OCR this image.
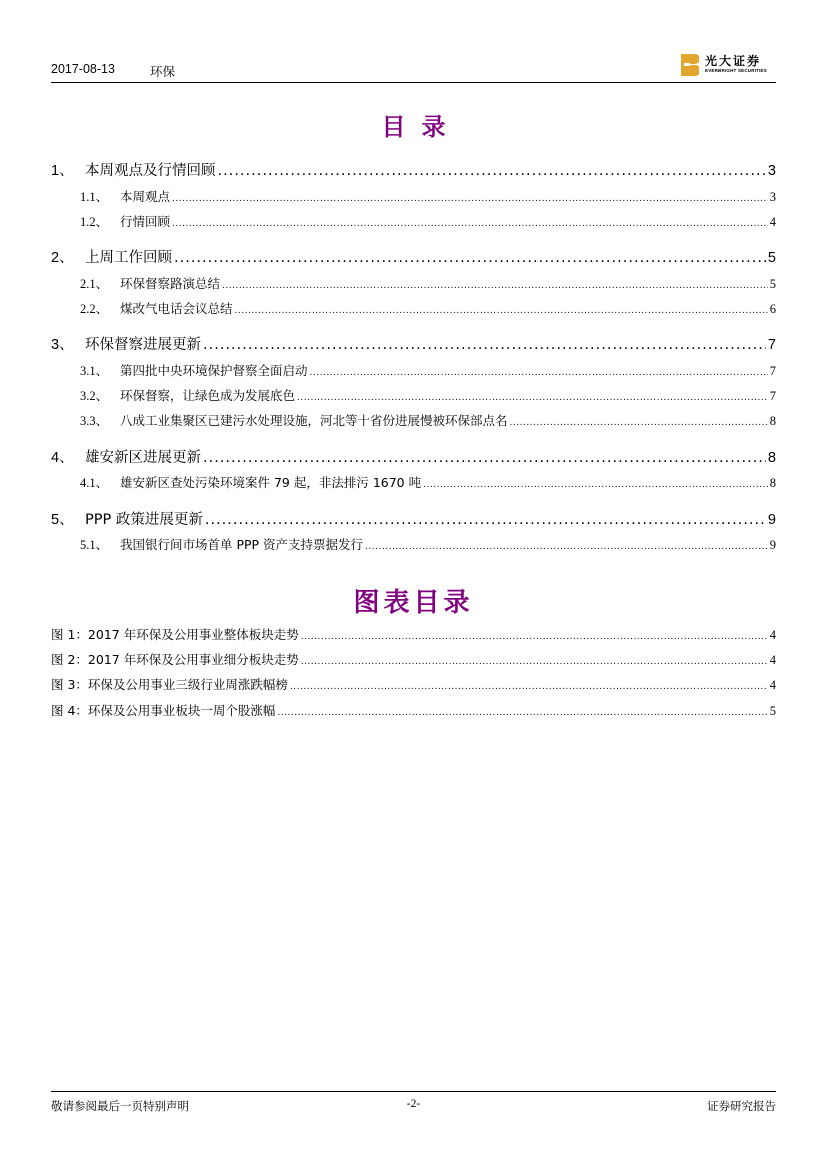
2017-08-13	环保
光大证券
EVERBRIGHT SECURITIES
目录
1、 本周观点及行情回顾 .....	3
1.1、 本周观点 .....	3
1.2、 行情回顾 .....	4
2、 上周工作回顾 .....	5
2.1、 环保督察路演总结 .....	5
2.2、 煤改气电话会议总结 .....	6
3、 环保督察进展更新 .....	7
3.1、 第四批中央环境保护督察全面启动 .....	7
3.2、 环保督察，让绿色成为发展底色 .....	7
3.3、 八成工业集聚区已建污水处理设施，河北等十省份进展慢被环保部点名 .....	8
4、 雄安新区进展更新 .....	8
4.1、 雄安新区查处污染环境案件 79 起，非法排污 1670 吨 .....	8
5、 PPP 政策进展更新 .....	9
5.1、 我国银行间市场首单 PPP 资产支持票据发行 .....	9
图表目录
图 1：2017 年环保及公用事业整体板块走势 .....	4
图 2：2017 年环保及公用事业细分板块走势 .....	4
图 3：环保及公用事业三级行业周涨跌幅榜 .....	4
图 4：环保及公用事业板块一周个股涨幅 .....	5
敬请参阅最后一页特别声明	-2-	证券研究报告
